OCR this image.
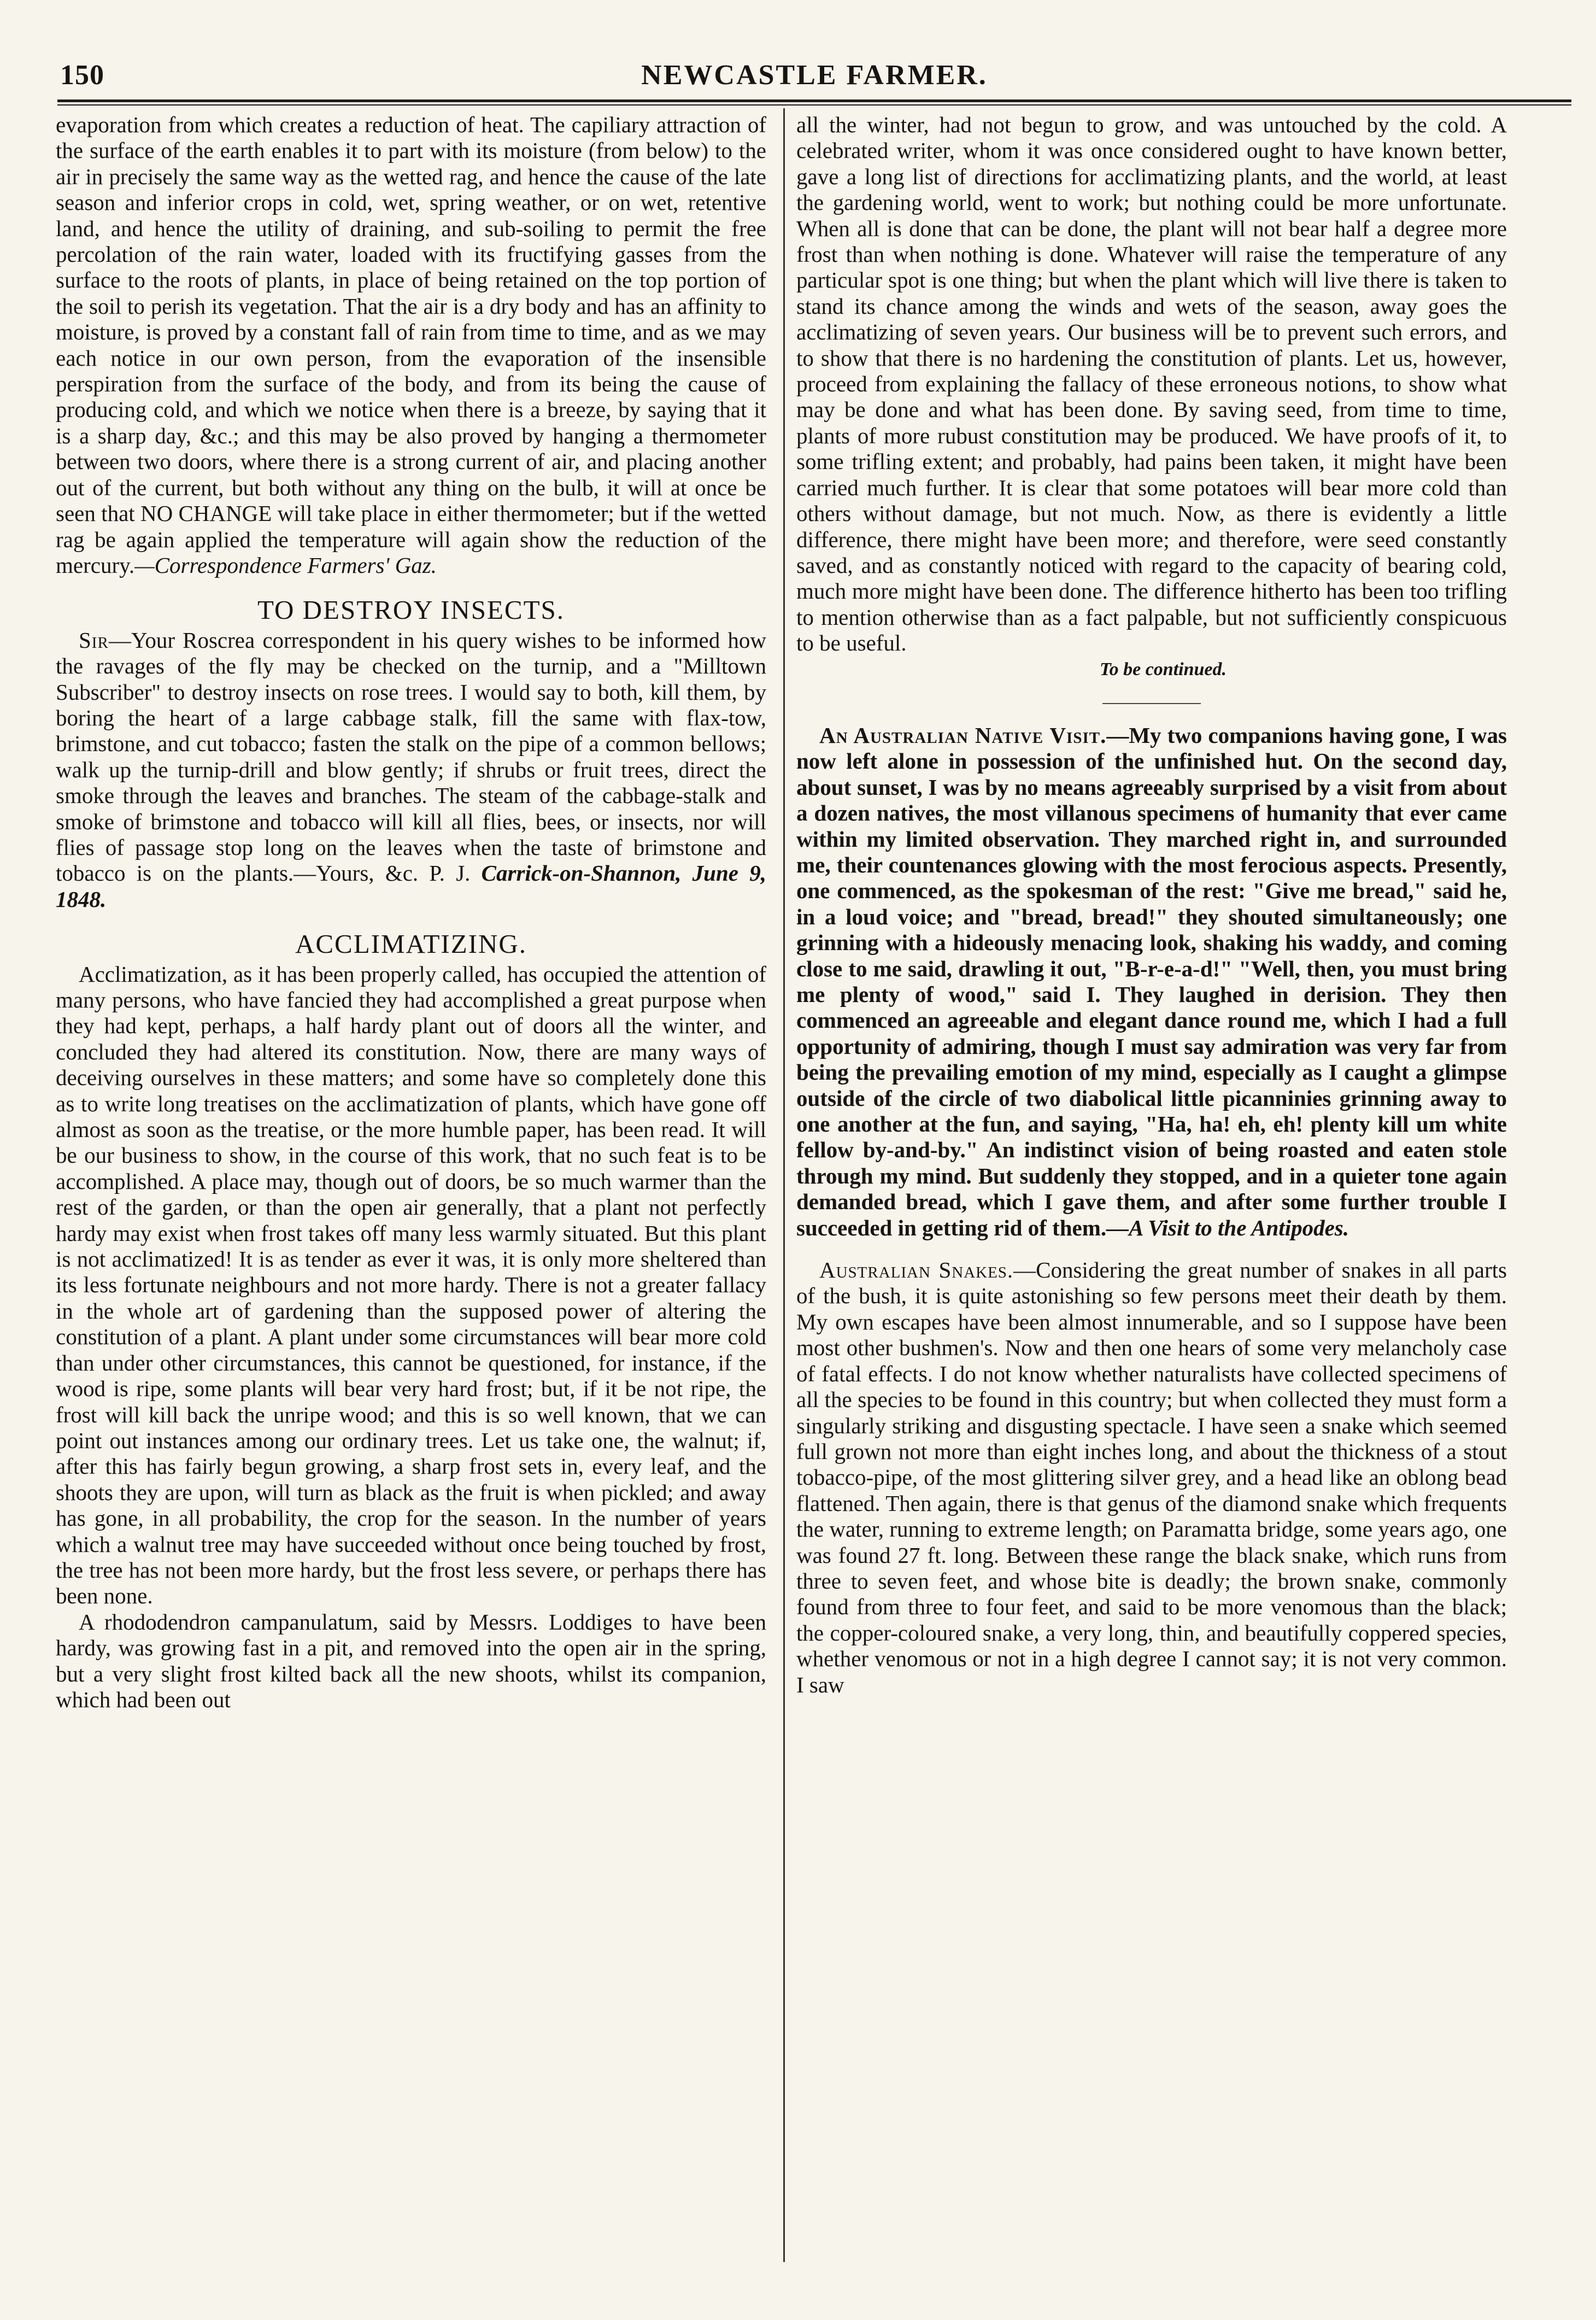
150	NEWCASTLE FARMER.

evaporation from which creates a reduction of heat. The capiliary attraction of the surface of the earth enables it to part with its moisture (from below) to the air in precisely the same way as the wetted rag, and hence the cause of the late season and inferior crops in cold, wet, spring weather, or on wet, retentive land, and hence the utility of draining, and sub-soiling to permit the free percolation of the rain water, loaded with its fructifying gasses from the surface to the roots of plants, in place of being retained on the top portion of the soil to perish its vegetation. That the air is a dry body and has an affinity to moisture, is proved by a constant fall of rain from time to time, and as we may each notice in our own person, from the evaporation of the insensible perspiration from the surface of the body, and from its being the cause of producing cold, and which we notice when there is a breeze, by saying that it is a sharp day, &c.; and this may be also proved by hanging a thermometer between two doors, where there is a strong current of air, and placing another out of the current, but both without any thing on the bulb, it will at once be seen that NO CHANGE will take place in either thermometer; but if the wetted rag be again applied the temperature will again show the reduction of the mercury.—Correspondence Farmers' Gaz.

TO DESTROY INSECTS.

Sir—Your Roscrea correspondent in his query wishes to be informed how the ravages of the fly may be checked on the turnip, and a "Milltown Subscriber" to destroy insects on rose trees. I would say to both, kill them, by boring the heart of a large cabbage stalk, fill the same with flax-tow, brimstone, and cut tobacco; fasten the stalk on the pipe of a common bellows; walk up the turnip-drill and blow gently; if shrubs or fruit trees, direct the smoke through the leaves and branches. The steam of the cabbage-stalk and smoke of brimstone and tobacco will kill all flies, bees, or insects, nor will flies of passage stop long on the leaves when the taste of brimstone and tobacco is on the plants.—Yours, &c. P. J. Carrick-on-Shannon, June 9, 1848.

ACCLIMATIZING.

Acclimatization, as it has been properly called, has occupied the attention of many persons, who have fancied they had accomplished a great purpose when they had kept, perhaps, a half hardy plant out of doors all the winter, and concluded they had altered its constitution. Now, there are many ways of deceiving ourselves in these matters; and some have so completely done this as to write long treatises on the acclimatization of plants, which have gone off almost as soon as the treatise, or the more humble paper, has been read. It will be our business to show, in the course of this work, that no such feat is to be accomplished. A place may, though out of doors, be so much warmer than the rest of the garden, or than the open air generally, that a plant not perfectly hardy may exist when frost takes off many less warmly situated. But this plant is not acclimatized! It is as tender as ever it was, it is only more sheltered than its less fortunate neighbours and not more hardy. There is not a greater fallacy in the whole art of gardening than the supposed power of altering the constitution of a plant. A plant under some circumstances will bear more cold than under other circumstances, this cannot be questioned, for instance, if the wood is ripe, some plants will bear very hard frost; but, if it be not ripe, the frost will kill back the unripe wood; and this is so well known, that we can point out instances among our ordinary trees. Let us take one, the walnut; if, after this has fairly begun growing, a sharp frost sets in, every leaf, and the shoots they are upon, will turn as black as the fruit is when pickled; and away has gone, in all probability, the crop for the season. In the number of years which a walnut tree may have succeeded without once being touched by frost, the tree has not been more hardy, but the frost less severe, or perhaps there has been none.

A rhododendron campanulatum, said by Messrs. Loddiges to have been hardy, was growing fast in a pit, and removed into the open air in the spring, but a very slight frost kilted back all the new shoots, whilst its companion, which had been out

all the winter, had not begun to grow, and was untouched by the cold. A celebrated writer, whom it was once considered ought to have known better, gave a long list of directions for acclimatizing plants, and the world, at least the gardening world, went to work; but nothing could be more unfortunate. When all is done that can be done, the plant will not bear half a degree more frost than when nothing is done. Whatever will raise the temperature of any particular spot is one thing; but when the plant which will live there is taken to stand its chance among the winds and wets of the season, away goes the acclimatizing of seven years. Our business will be to prevent such errors, and to show that there is no hardening the constitution of plants. Let us, however, proceed from explaining the fallacy of these erroneous notions, to show what may be done and what has been done. By saving seed, from time to time, plants of more rubust constitution may be produced. We have proofs of it, to some trifling extent; and probably, had pains been taken, it might have been carried much further. It is clear that some potatoes will bear more cold than others without damage, but not much. Now, as there is evidently a little difference, there might have been more; and therefore, were seed constantly saved, and as constantly noticed with regard to the capacity of bearing cold, much more might have been done. The difference hitherto has been too trifling to mention otherwise than as a fact palpable, but not sufficiently conspicuous to be useful.

To be continued.

An Australian Native Visit.—My two companions having gone, I was now left alone in possession of the unfinished hut. On the second day, about sunset, I was by no means agreeably surprised by a visit from about a dozen natives, the most villanous specimens of humanity that ever came within my limited observation. They marched right in, and surrounded me, their countenances glowing with the most ferocious aspects. Presently, one commenced, as the spokesman of the rest: "Give me bread," said he, in a loud voice; and "bread, bread!" they shouted simultaneously; one grinning with a hideously menacing look, shaking his waddy, and coming close to me said, drawling it out, "B-r-e-a-d!" "Well, then, you must bring me plenty of wood," said I. They laughed in derision. They then commenced an agreeable and elegant dance round me, which I had a full opportunity of admiring, though I must say admiration was very far from being the prevailing emotion of my mind, especially as I caught a glimpse outside of the circle of two diabolical little picanninies grinning away to one another at the fun, and saying, "Ha, ha! eh, eh! plenty kill um white fellow by-and-by." An indistinct vision of being roasted and eaten stole through my mind. But suddenly they stopped, and in a quieter tone again demanded bread, which I gave them, and after some further trouble I succeeded in getting rid of them.—A Visit to the Antipodes.

Australian Snakes.—Considering the great number of snakes in all parts of the bush, it is quite astonishing so few persons meet their death by them. My own escapes have been almost innumerable, and so I suppose have been most other bushmen's. Now and then one hears of some very melancholy case of fatal effects. I do not know whether naturalists have collected specimens of all the species to be found in this country; but when collected they must form a singularly striking and disgusting spectacle. I have seen a snake which seemed full grown not more than eight inches long, and about the thickness of a stout tobacco-pipe, of the most glittering silver grey, and a head like an oblong bead flattened. Then again, there is that genus of the diamond snake which frequents the water, running to extreme length; on Paramatta bridge, some years ago, one was found 27 ft. long. Between these range the black snake, which runs from three to seven feet, and whose bite is deadly; the brown snake, commonly found from three to four feet, and said to be more venomous than the black; the copper-coloured snake, a very long, thin, and beautifully coppered species, whether venomous or not in a high degree I cannot say; it is not very common. I saw
